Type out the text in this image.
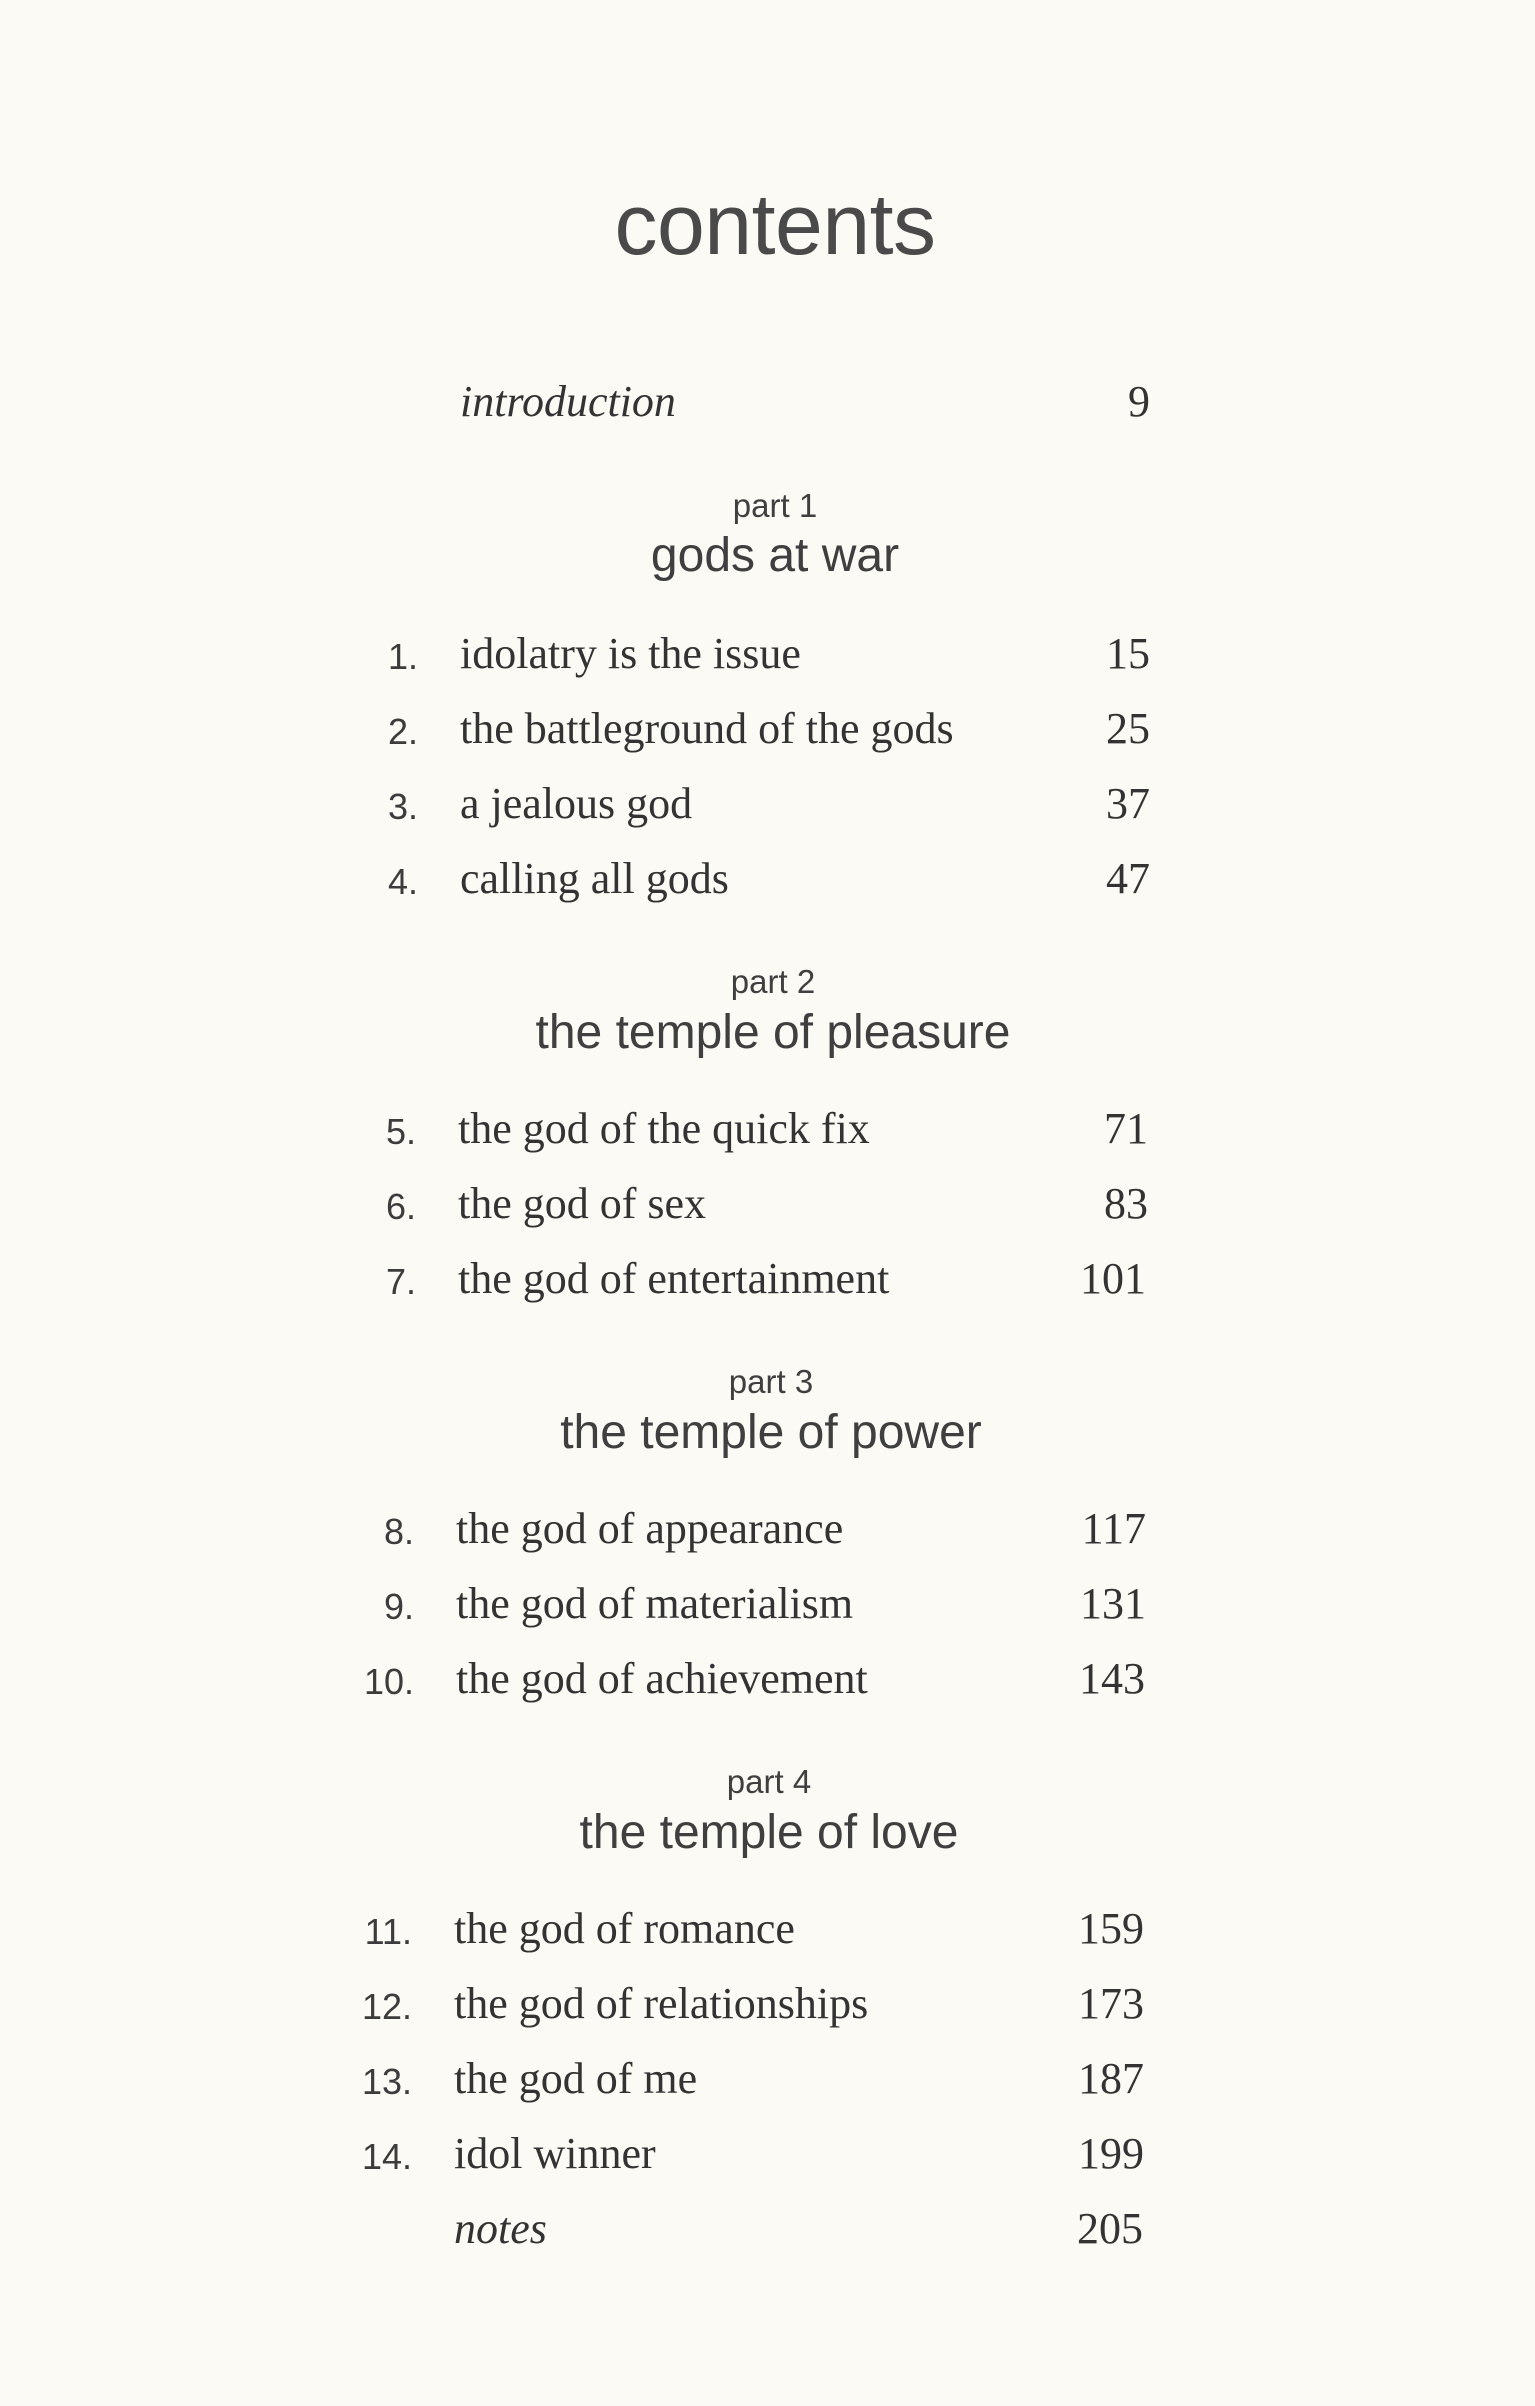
contents
introduction	9
part 1
gods at war
1. idolatry is the issue	15
2. the battleground of the gods	25
3. a jealous god	37
4. calling all gods	47
part 2
the temple of pleasure
5. the god of the quick fix	71
6. the god of sex	83
7. the god of entertainment	101
part 3
the temple of power
8. the god of appearance	117
9. the god of materialism	131
10. the god of achievement	143
part 4
the temple of love
11. the god of romance	159
12. the god of relationships	173
13. the god of me	187
14. idol winner	199
notes	205
